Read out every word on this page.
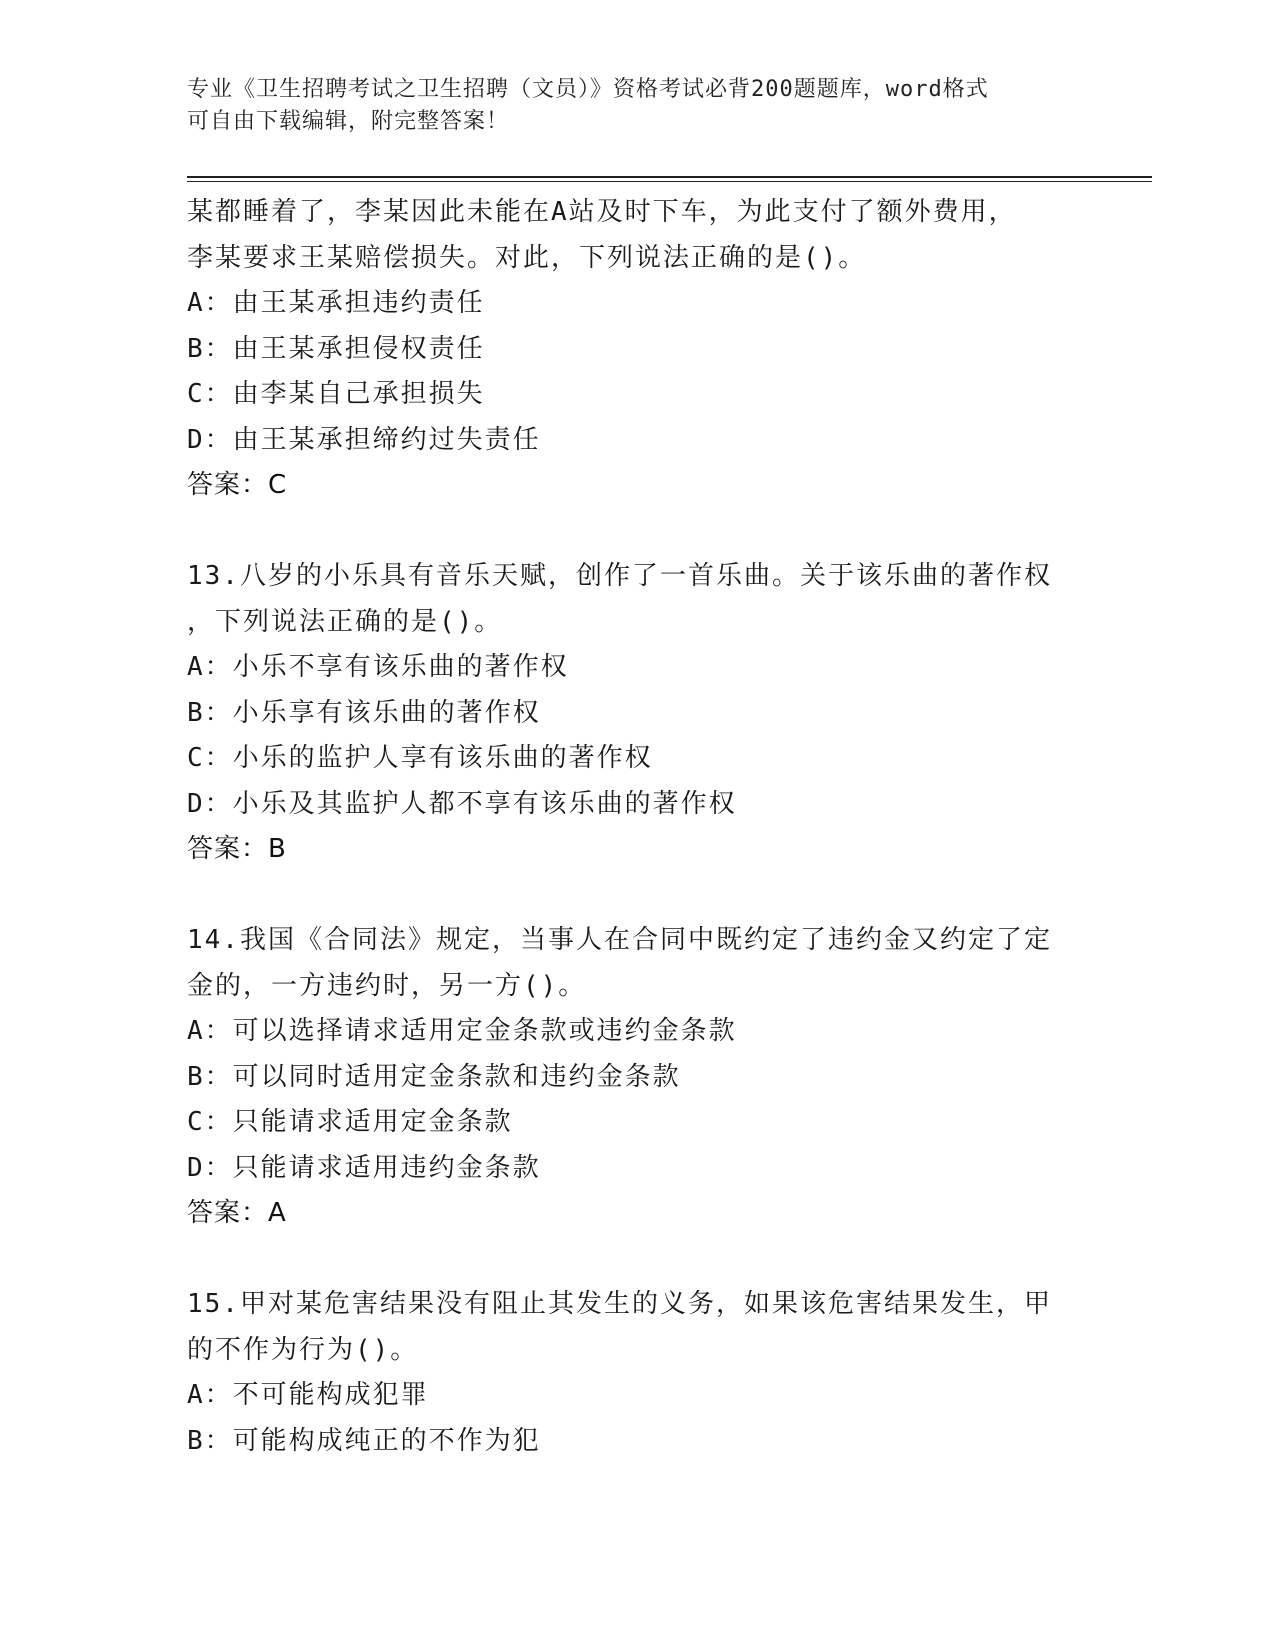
专业《卫生招聘考试之卫生招聘（文员）》资格考试必背200题题库，word格式
可自由下载编辑，附完整答案！
某都睡着了，李某因此未能在A站及时下车，为此支付了额外费用，
李某要求王某赔偿损失。对此，下列说法正确的是()。
A：由王某承担违约责任
B：由王某承担侵权责任
C：由李某自己承担损失
D：由王某承担缔约过失责任
答案：C
13.八岁的小乐具有音乐天赋，创作了一首乐曲。关于该乐曲的著作权
，下列说法正确的是()。
A：小乐不享有该乐曲的著作权
B：小乐享有该乐曲的著作权
C：小乐的监护人享有该乐曲的著作权
D：小乐及其监护人都不享有该乐曲的著作权
答案：B
14.我国《合同法》规定，当事人在合同中既约定了违约金又约定了定
金的，一方违约时，另一方()。
A：可以选择请求适用定金条款或违约金条款
B：可以同时适用定金条款和违约金条款
C：只能请求适用定金条款
D：只能请求适用违约金条款
答案：A
15.甲对某危害结果没有阻止其发生的义务，如果该危害结果发生，甲
的不作为行为()。
A：不可能构成犯罪
B：可能构成纯正的不作为犯
